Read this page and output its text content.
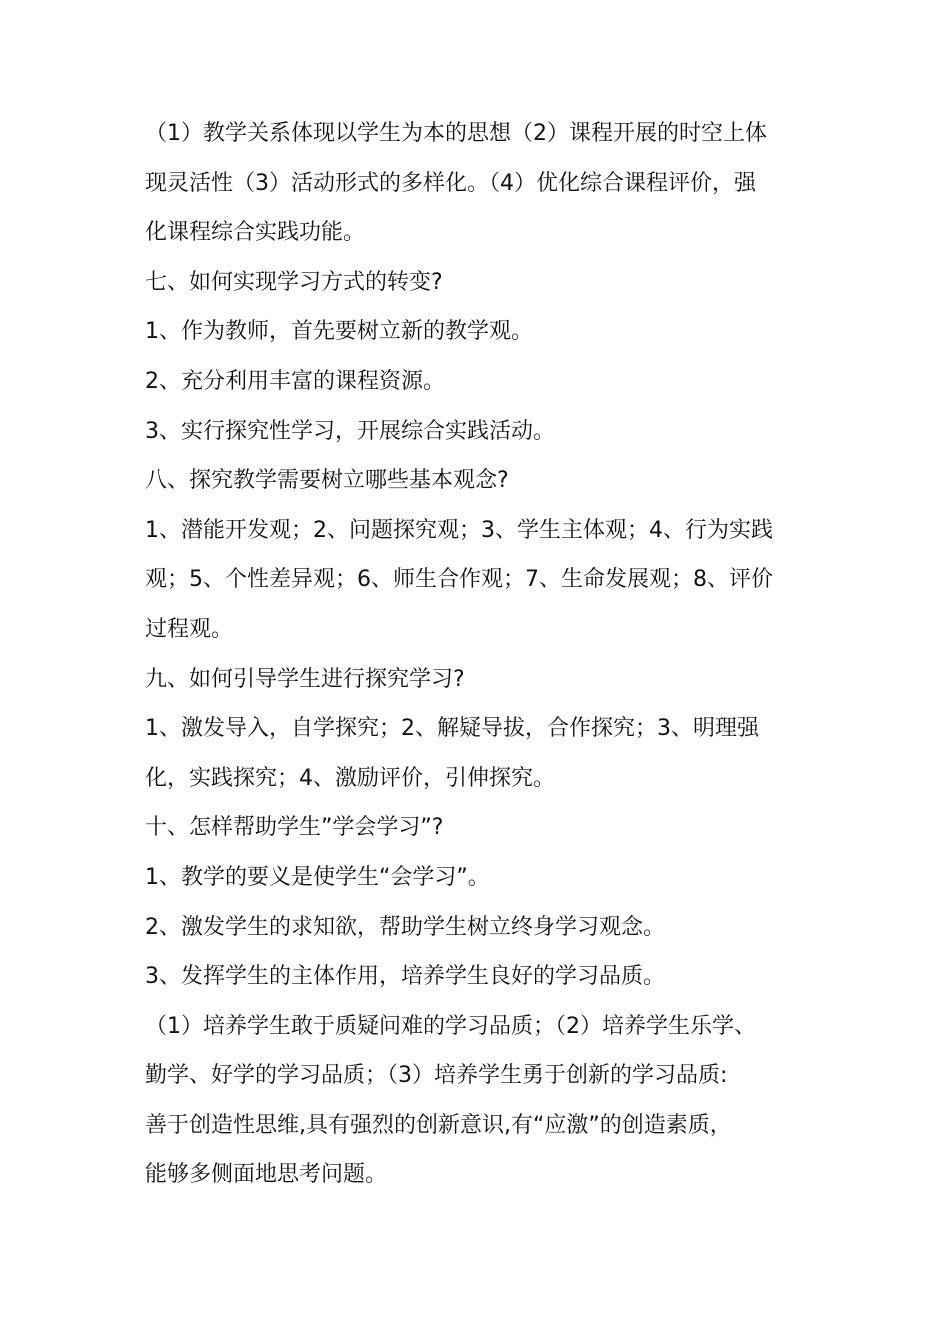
（1）教学关系体现以学生为本的思想（2）课程开展的时空上体
现灵活性（3）活动形式的多样化。（4）优化综合课程评价，强
化课程综合实践功能。
七、如何实现学习方式的转变?
1、作为教师，首先要树立新的教学观。
2、充分利用丰富的课程资源。
3、实行探究性学习，开展综合实践活动。
八、探究教学需要树立哪些基本观念?
1、潜能开发观；2、问题探究观；3、学生主体观；4、行为实践
观；5、个性差异观；6、师生合作观；7、生命发展观；8、评价
过程观。
九、如何引导学生进行探究学习?
1、激发导入，自学探究；2、解疑导拔，合作探究；3、明理强
化，实践探究；4、激励评价，引伸探究。
十、怎样帮助学生”学会学习”?
1、教学的要义是使学生“会学习”。
2、激发学生的求知欲，帮助学生树立终身学习观念。
3、发挥学生的主体作用，培养学生良好的学习品质。
（1）培养学生敢于质疑问难的学习品质；（2）培养学生乐学、
勤学、好学的学习品质；（3）培养学生勇于创新的学习品质:
善于创造性思维,具有强烈的创新意识,有“应激”的创造素质，
能够多侧面地思考问题。
